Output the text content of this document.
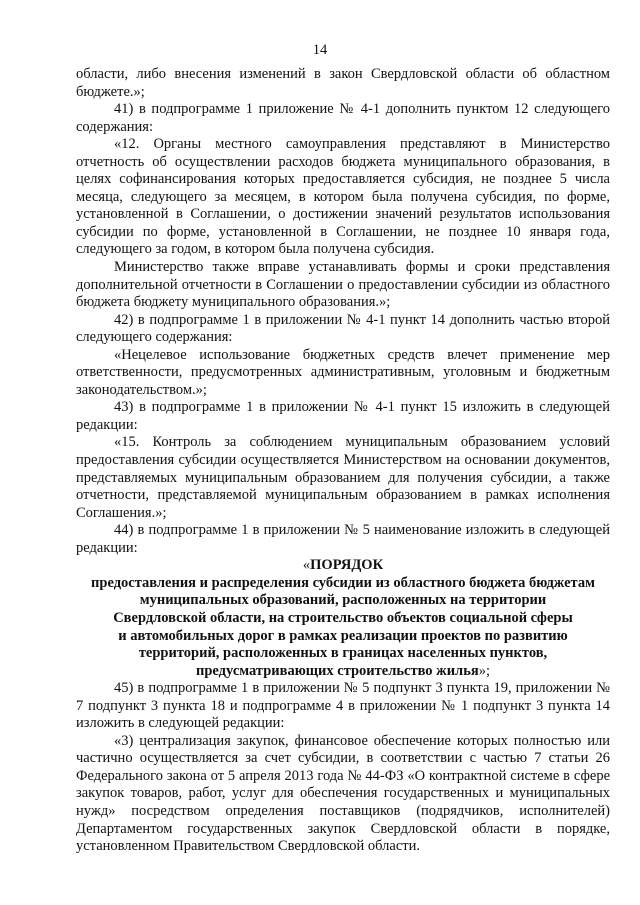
14

области, либо внесения изменений в закон Свердловской области об областном бюджете.»;

41) в подпрограмме 1 приложение № 4-1 дополнить пунктом 12 следующего содержания:

«12. Органы местного самоуправления представляют в Министерство отчетность об осуществлении расходов бюджета муниципального образования, в целях софинансирования которых предоставляется субсидия, не позднее 5 числа месяца, следующего за месяцем, в котором была получена субсидия, по форме, установленной в Соглашении, о достижении значений результатов использования субсидии по форме, установленной в Соглашении, не позднее 10 января года, следующего за годом, в котором была получена субсидия.

Министерство также вправе устанавливать формы и сроки представления дополнительной отчетности в Соглашении о предоставлении субсидии из областного бюджета бюджету муниципального образования.»;

42) в подпрограмме 1 в приложении № 4-1 пункт 14 дополнить частью второй следующего содержания:

«Нецелевое использование бюджетных средств влечет применение мер ответственности, предусмотренных административным, уголовным и бюджетным законодательством.»;

43) в подпрограмме 1 в приложении № 4-1 пункт 15 изложить в следующей редакции:

«15. Контроль за соблюдением муниципальным образованием условий предоставления субсидии осуществляется Министерством на основании документов, представляемых муниципальным образованием для получения субсидии, а также отчетности, представляемой муниципальным образованием в рамках исполнения Соглашения.»;

44) в подпрограмме 1 в приложении № 5 наименование изложить в следующей редакции:

«ПОРЯДОК

предоставления и распределения субсидии из областного бюджета бюджетам

муниципальных образований, расположенных на территории

Свердловской области, на строительство объектов социальной сферы

и автомобильных дорог в рамках реализации проектов по развитию

территорий, расположенных в границах населенных пунктов,

предусматривающих строительство жилья»;

45) в подпрограмме 1 в приложении № 5 подпункт 3 пункта 19, приложении № 7 подпункт 3 пункта 18 и подпрограмме 4 в приложении № 1 подпункт 3 пункта 14 изложить в следующей редакции:

«3) централизация закупок, финансовое обеспечение которых полностью или частично осуществляется за счет субсидии, в соответствии с частью 7 статьи 26 Федерального закона от 5 апреля 2013 года № 44-ФЗ «О контрактной системе в сфере закупок товаров, работ, услуг для обеспечения государственных и муниципальных нужд» посредством определения поставщиков (подрядчиков, исполнителей) Департаментом государственных закупок Свердловской области в порядке, установленном Правительством Свердловской области.
